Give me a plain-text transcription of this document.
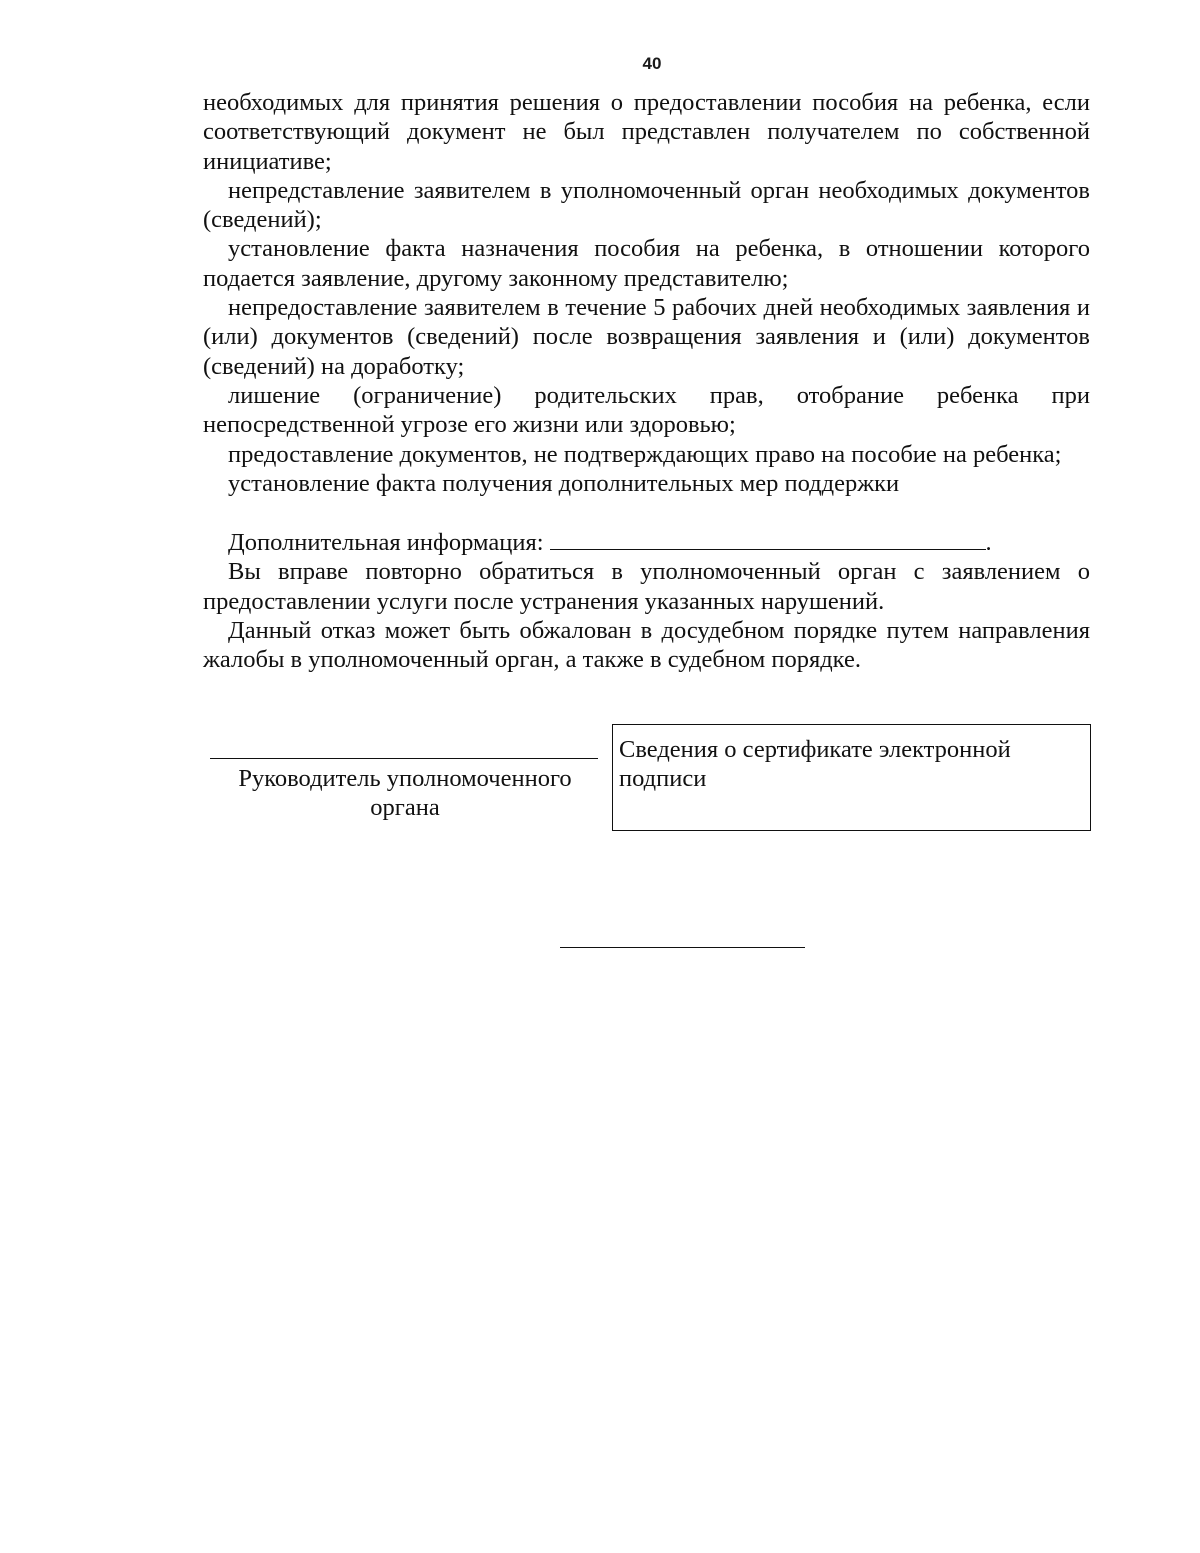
40

необходимых для принятия решения о предоставлении пособия на ребенка, если соответствующий документ не был представлен получателем по собственной инициативе;

непредставление заявителем в уполномоченный орган необходимых документов (сведений);

установление факта назначения пособия на ребенка, в отношении которого подается заявление, другому законному представителю;

непредоставление заявителем в течение 5 рабочих дней необходимых заявления и (или) документов (сведений) после возвращения заявления и (или) документов (сведений) на доработку;

лишение (ограничение) родительских прав, отобрание ребенка при непосредственной угрозе его жизни или здоровью;

предоставление документов, не подтверждающих право на пособие на ребенка;

установление факта получения дополнительных мер поддержки

Дополнительная информация:	.

Вы вправе повторно обратиться в уполномоченный орган с заявлением о предоставлении услуги после устранения указанных нарушений.

Данный отказ может быть обжалован в досудебном порядке путем направления жалобы в уполномоченный орган, а также в судебном порядке.

Руководитель уполномоченного
органа
Сведения о сертификате электронной подписи
